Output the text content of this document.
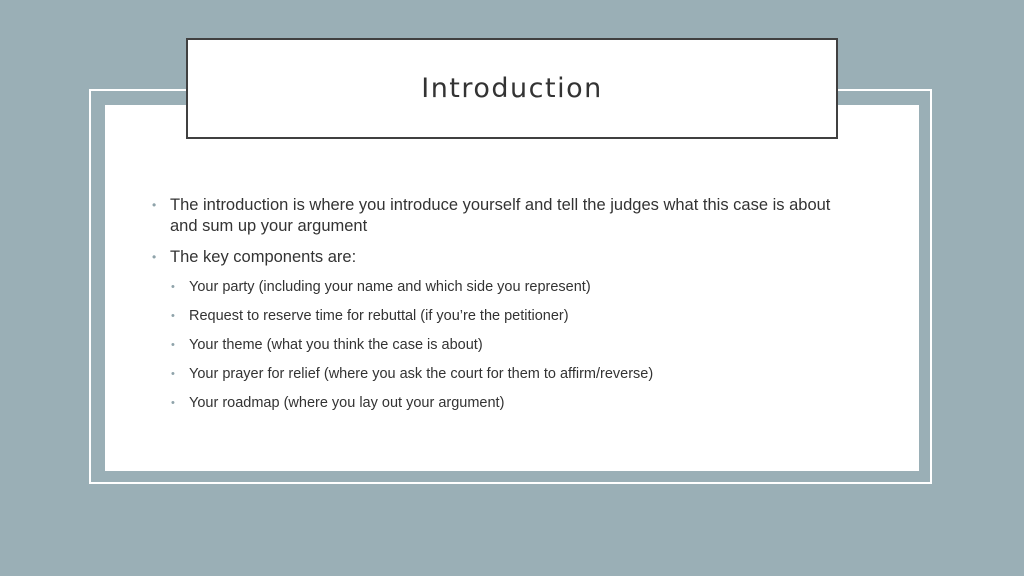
Introduction
• The introduction is where you introduce yourself and tell the judges what this case is about and sum up your argument
• The key components are:
• Your party (including your name and which side you represent)
• Request to reserve time for rebuttal (if you’re the petitioner)
• Your theme (what you think the case is about)
• Your prayer for relief (where you ask the court for them to affirm/reverse)
• Your roadmap (where you lay out your argument)
